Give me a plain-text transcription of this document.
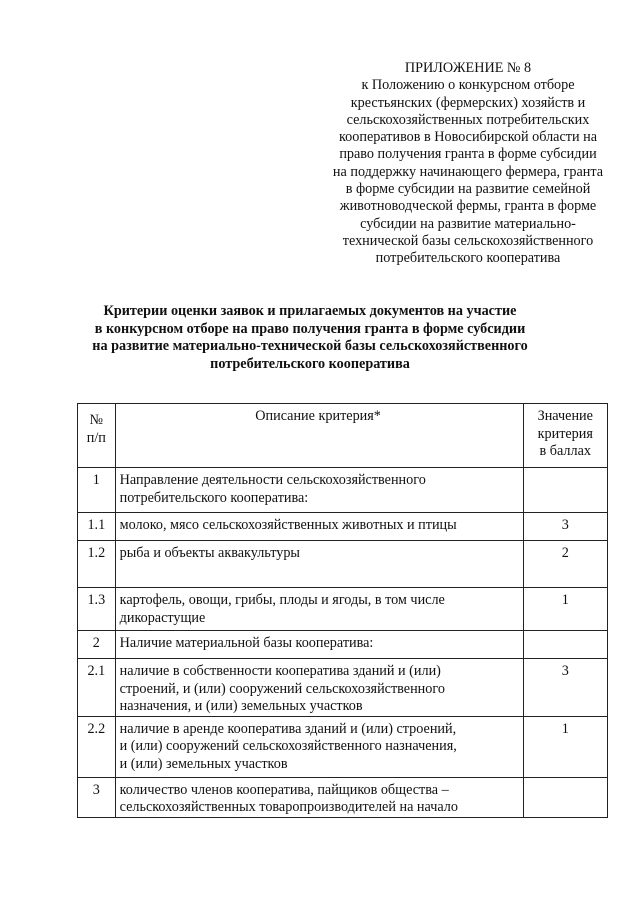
ПРИЛОЖЕНИЕ № 8
к Положению о конкурсном отборе
крестьянских (фермерских) хозяйств и
сельскохозяйственных потребительских
кооперативов в Новосибирской области на
право получения гранта в форме субсидии
на поддержку начинающего фермера, гранта
в форме субсидии на развитие семейной
животноводческой фермы, гранта в форме
субсидии на развитие материально-
технической базы сельскохозяйственного
потребительского кооператива
Критерии оценки заявок и прилагаемых документов на участие
в конкурсном отборе на право получения гранта в форме субсидии
на развитие материально-технической базы сельскохозяйственного
потребительского кооператива
№
п/п	Описание критерия*	Значение
критерия
в баллах

1	Направление деятельности сельскохозяйственного
потребительского кооператива:	

1.1	молоко, мясо сельскохозяйственных животных и птицы	3

1.2	рыба и объекты аквакультуры	2

1.3	картофель, овощи, грибы, плоды и ягоды, в том числе
дикорастущие	1

2	Наличие материальной базы кооператива:	

2.1	наличие в собственности кооператива зданий и (или)
строений, и (или) сооружений сельскохозяйственного
назначения, и (или) земельных участков	3

2.2	наличие в аренде кооператива зданий и (или) строений,
и (или) сооружений сельскохозяйственного назначения,
и (или) земельных участков	1

3	количество членов кооператива, пайщиков общества –
сельскохозяйственных товаропроизводителей на начало	
